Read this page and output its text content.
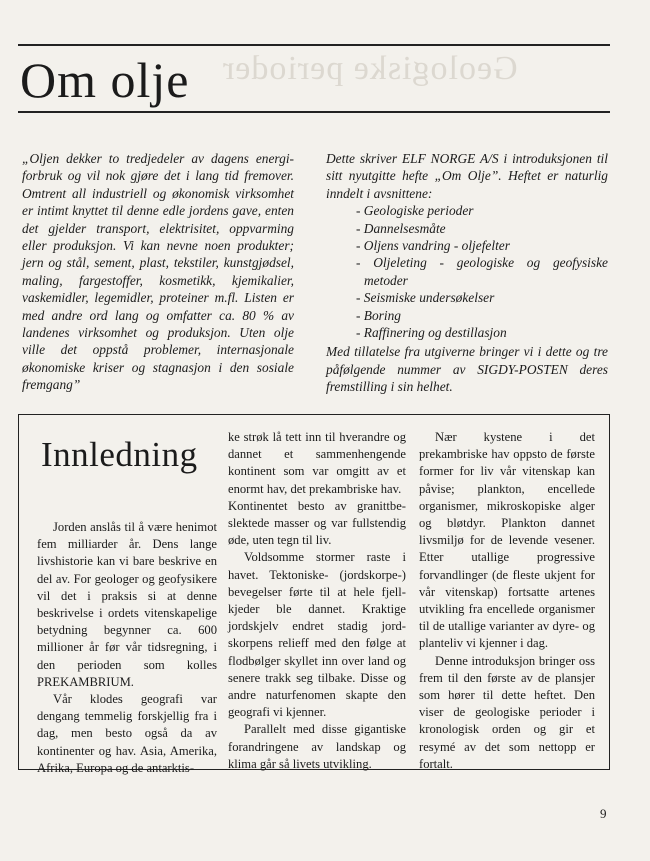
Geologiske perioder
Om olje

„Oljen dekker to tredjedeler av dagens energi-forbruk og vil nok gjøre det i lang tid fremover. Omtrent all industriell og økonomisk virksomhet er intimt knyttet til denne edle jordens gave, enten det gjelder transport, elektrisitet, oppvarming eller produksjon. Vi kan nevne noen produkter; jern og stål, sement, plast, tekstiler, kunstgjødsel, maling, fargestoffer, kosmetikk, kjemikalier, vaskemidler, legemidler, proteiner m.fl. Listen er med andre ord lang og omfatter ca. 80 % av landenes virksomhet og produksjon. Uten olje ville det oppstå problemer, internasjonale økonomiske kriser og stagnasjon i den sosiale fremgang”

Dette skriver ELF NORGE A/S i introduksjonen til sitt nyutgitte hefte „Om Olje”. Heftet er naturlig inndelt i avsnittene:

- Geologiske perioder
- Dannelsesmåte
- Oljens vandring - oljefelter
- Oljeleting - geologiske og geofysiske metoder
- Seismiske undersøkelser
- Boring
- Raffinering og destillasjon

Med tillatelse fra utgiverne bringer vi i dette og tre påfølgende nummer av SIGDY-POSTEN deres fremstilling i sin helhet.

Innledning

Jorden anslås til å være henimot fem milliarder år. Dens lange livshistorie kan vi bare beskrive en del av. For geologer og geofysikere vil det i praksis si at denne beskrivelse i ordets vitenskapelige betydning begynner ca. 600 millioner år før vår tidsregning, i den perioden som kolles PREKAMBRIUM.

Vår klodes geografi var dengang temmelig forskjellig fra i dag, men besto også da av kontinenter og hav. Asia, Amerika, Afrika, Europa og de antarktis-

ke strøk lå tett inn til hverandre og dannet et sammenhengende kontinent som var omgitt av et enormt hav, det prekambriske hav.

Kontinentet besto av granittbe-slektede masser og var fullstendig øde, uten tegn til liv.

Voldsomme stormer raste i havet. Tektoniske- (jordskorpe-) bevegelser førte til at hele fjell-kjeder ble dannet. Kraktige jordskjelv endret stadig jord-skorpens relieff med den følge at flodbølger skyllet inn over land og senere trakk seg tilbake. Disse og andre naturfenomen skapte den geografi vi kjenner.

Parallelt med disse gigantiske forandringene av landskap og klima går så livets utvikling.

Nær kystene i det prekambriske hav oppsto de første former for liv vår vitenskap kan påvise; plankton, encellede organismer, mikroskopiske alger og bløtdyr. Plankton dannet livsmiljø for de levende vesener. Etter utallige progressive forvandlinger (de fleste ukjent for vår vitenskap) fortsatte artenes utvikling fra encellede organismer til de utallige varianter av dyre- og planteliv vi kjenner i dag.

Denne introduksjon bringer oss frem til den første av de plansjer som hører til dette heftet. Den viser de geologiske perioder i kronologisk orden og gir et resymé av det som nettopp er fortalt.

9
